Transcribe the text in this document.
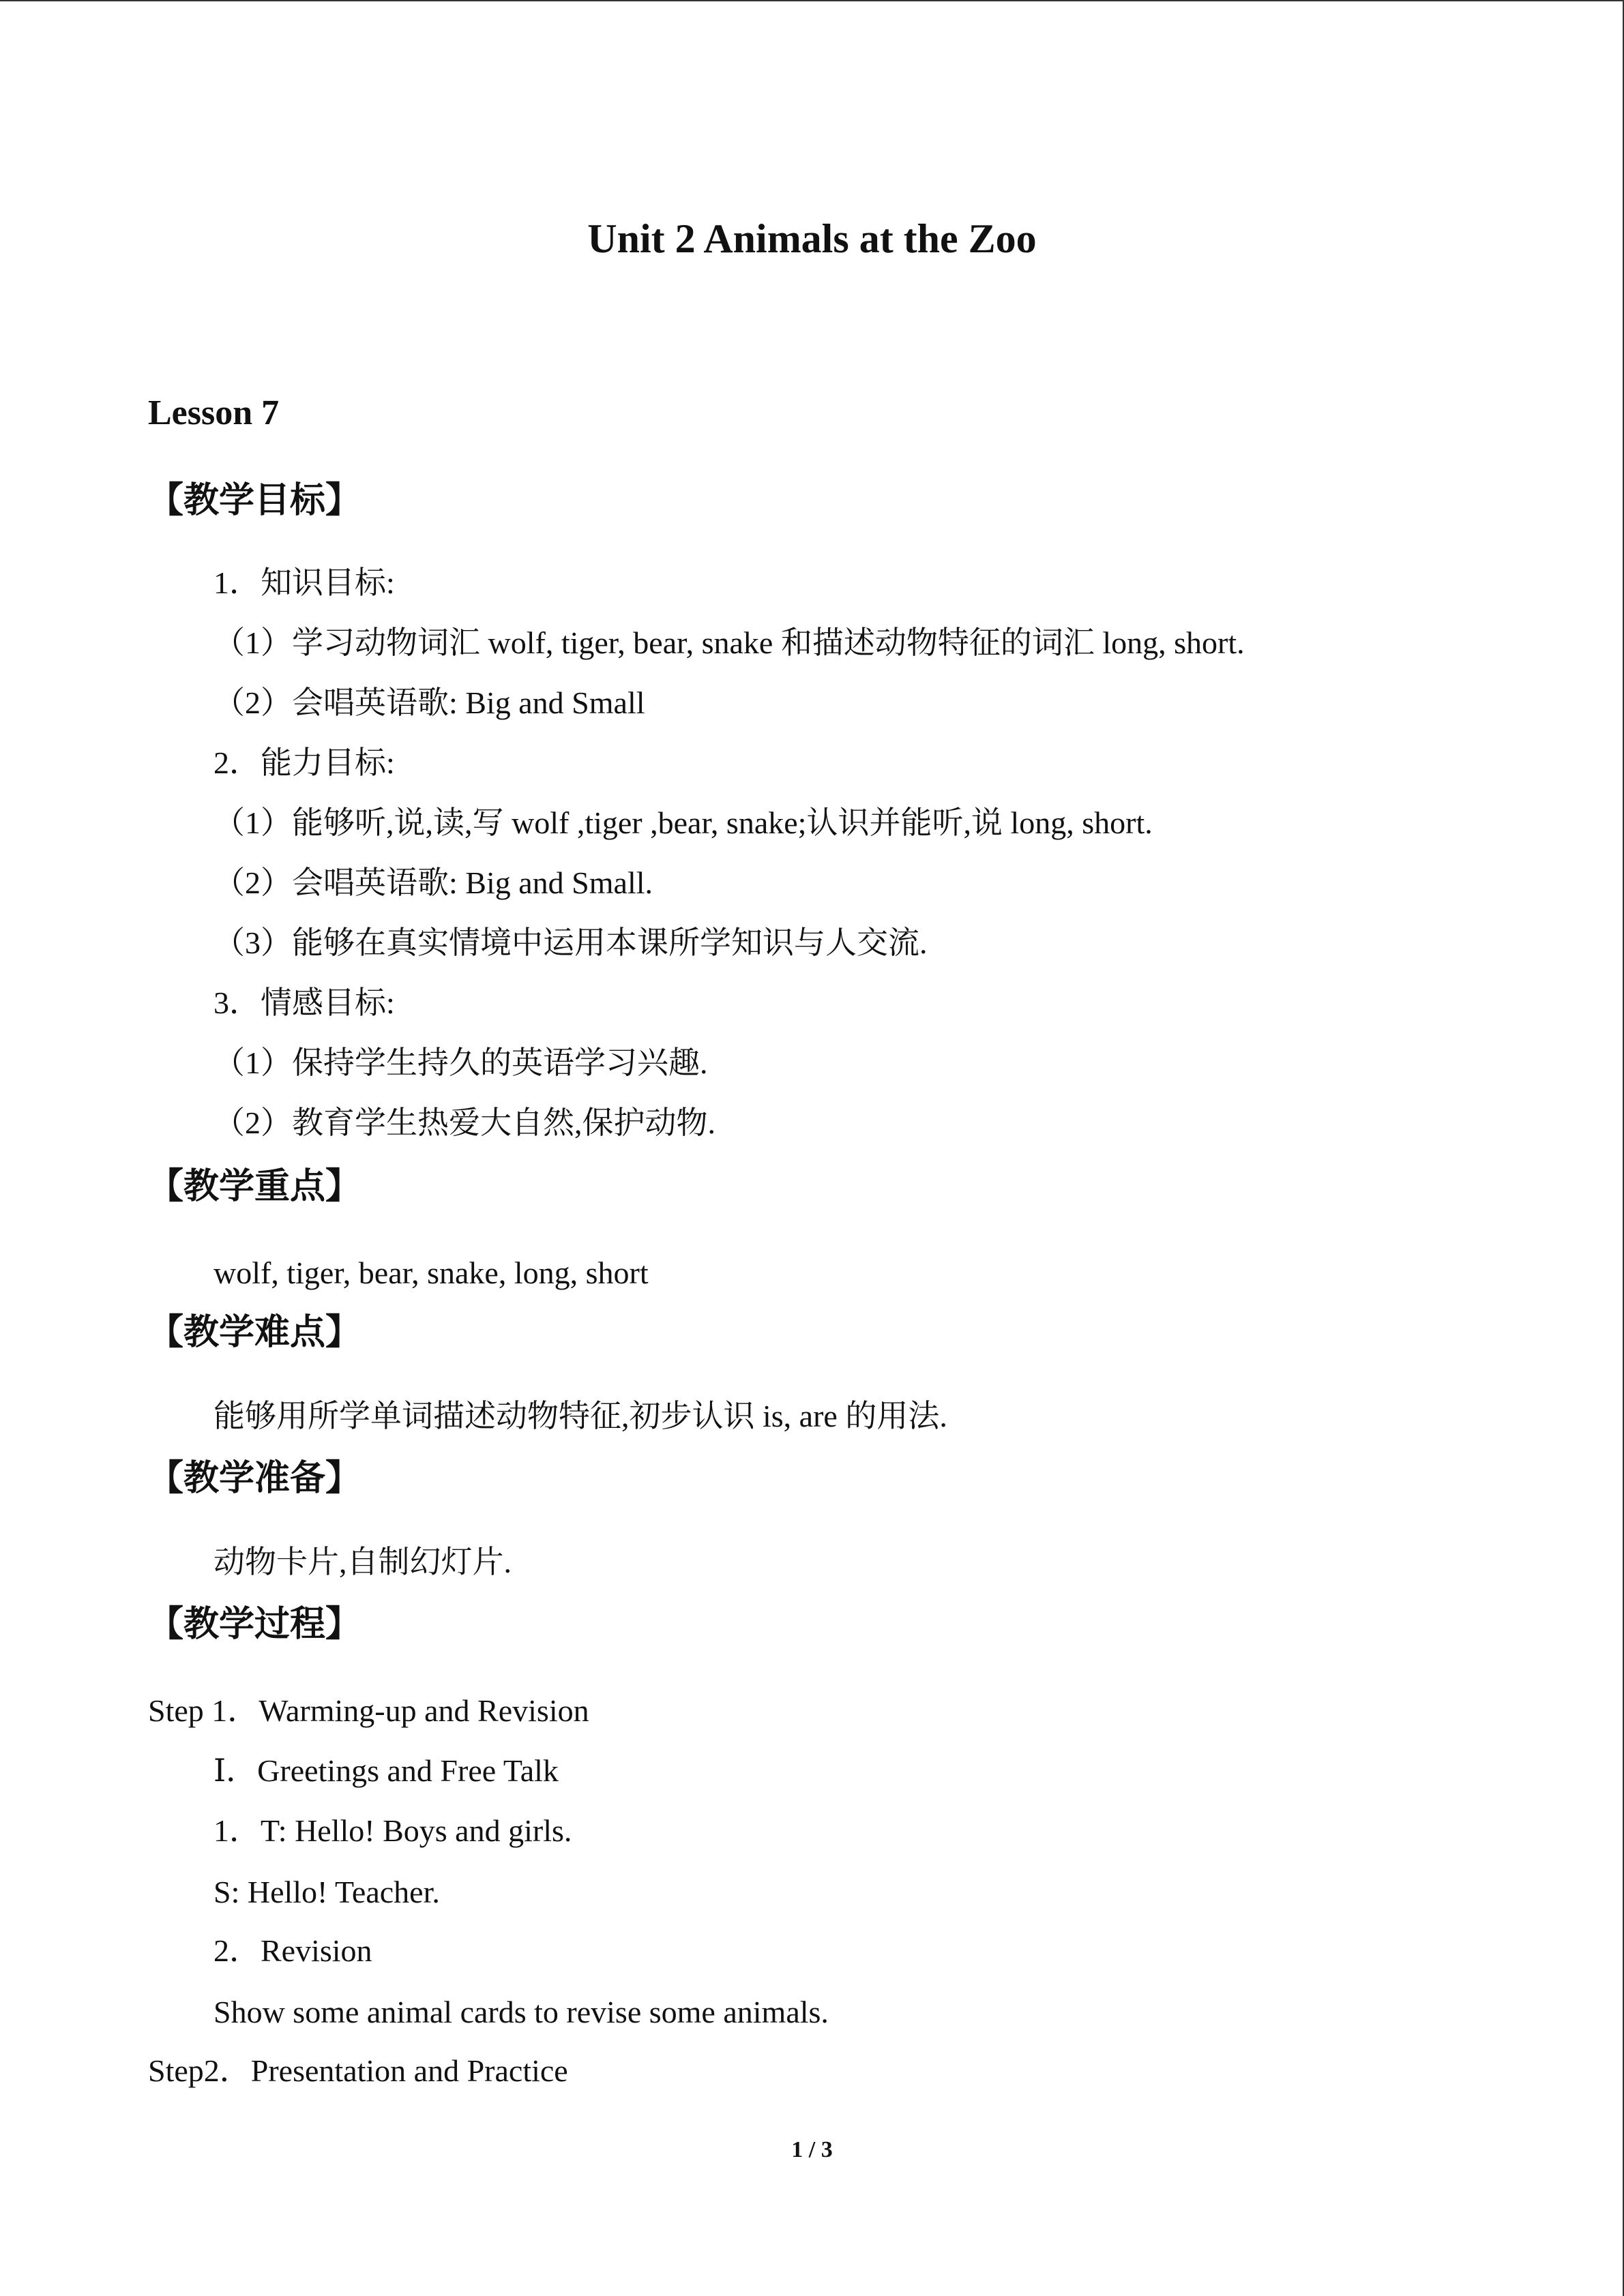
Unit 2 Animals at the Zoo
Lesson 7
【教学目标】
1．知识目标:
（1）学习动物词汇 wolf, tiger, bear, snake 和描述动物特征的词汇 long, short.
（2）会唱英语歌: Big and Small
2．能力目标:
（1）能够听,说,读,写 wolf ,tiger ,bear, snake;认识并能听,说 long, short.
（2）会唱英语歌: Big and Small.
（3）能够在真实情境中运用本课所学知识与人交流.
3．情感目标:
（1）保持学生持久的英语学习兴趣.
（2）教育学生热爱大自然,保护动物.
【教学重点】
wolf, tiger, bear, snake, long, short
【教学难点】
能够用所学单词描述动物特征,初步认识 is, are 的用法.
【教学准备】
动物卡片,自制幻灯片.
【教学过程】
Step 1．Warming-up and Revision
Ⅰ．Greetings and Free Talk
1．T: Hello! Boys and girls.
S: Hello! Teacher.
2．Revision
Show some animal cards to revise some animals.
Step2．Presentation and Practice
1 / 3
